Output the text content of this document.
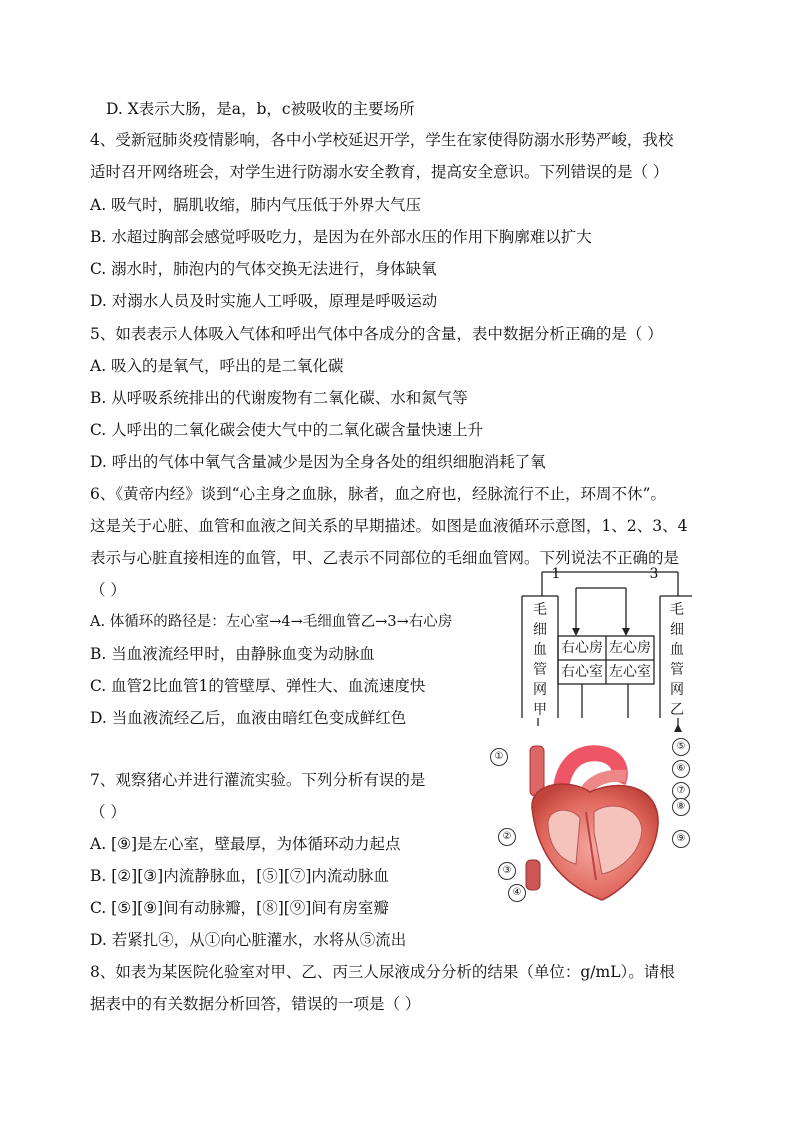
D. X表示大肠，是a，b，c被吸收的主要场所
4、受新冠肺炎疫情影响，各中小学校延迟开学，学生在家使得防溺水形势严峻，我校
适时召开网络班会，对学生进行防溺水安全教育，提高安全意识。下列错误的是（ ）
A. 吸气时，膈肌收缩，肺内气压低于外界大气压
B. 水超过胸部会感觉呼吸吃力，是因为在外部水压的作用下胸廓难以扩大
C. 溺水时，肺泡内的气体交换无法进行，身体缺氧
D. 对溺水人员及时实施人工呼吸，原理是呼吸运动
5、如表表示人体吸入气体和呼出气体中各成分的含量，表中数据分析正确的是（ ）
A. 吸入的是氧气，呼出的是二氧化碳
B. 从呼吸系统排出的代谢废物有二氧化碳、水和氮气等
C. 人呼出的二氧化碳会使大气中的二氧化碳含量快速上升
D. 呼出的气体中氧气含量减少是因为全身各处的组织细胞消耗了氧
6、《黄帝内经》谈到“心主身之血脉，脉者，血之府也，经脉流行不止，环周不休”。
这是关于心脏、血管和血液之间关系的早期描述。如图是血液循环示意图，1、2、3、4
表示与心脏直接相连的血管，甲、乙表示不同部位的毛细血管网。下列说法不正确的是
（ ）
A. 体循环的路径是：左心室→4→毛细血管乙→3→右心房
B. 当血液流经甲时，由静脉血变为动脉血
C. 血管2比血管1的管壁厚、弹性大、血流速度快
D. 当血液流经乙后，血液由暗红色变成鲜红色
7、观察猪心并进行灌流实验。下列分析有误的是
（ ）
A. [⑨]是左心室，壁最厚，为体循环动力起点
B. [②][③]内流静脉血，[⑤][⑦]内流动脉血
C. [⑤][⑨]间有动脉瓣，[⑧][⑨]间有房室瓣
D. 若紧扎④，从①向心脏灌水，水将从⑤流出
8、如表为某医院化验室对甲、乙、丙三人尿液成分分析的结果（单位：g/mL）。请根
据表中的有关数据分析回答，错误的一项是（ ）
1	3
毛细血管网甲
毛细血管网乙
右心房 左心房
右心室 左心室
①
②
③
④
⑤
⑥
⑦
⑧
⑨
